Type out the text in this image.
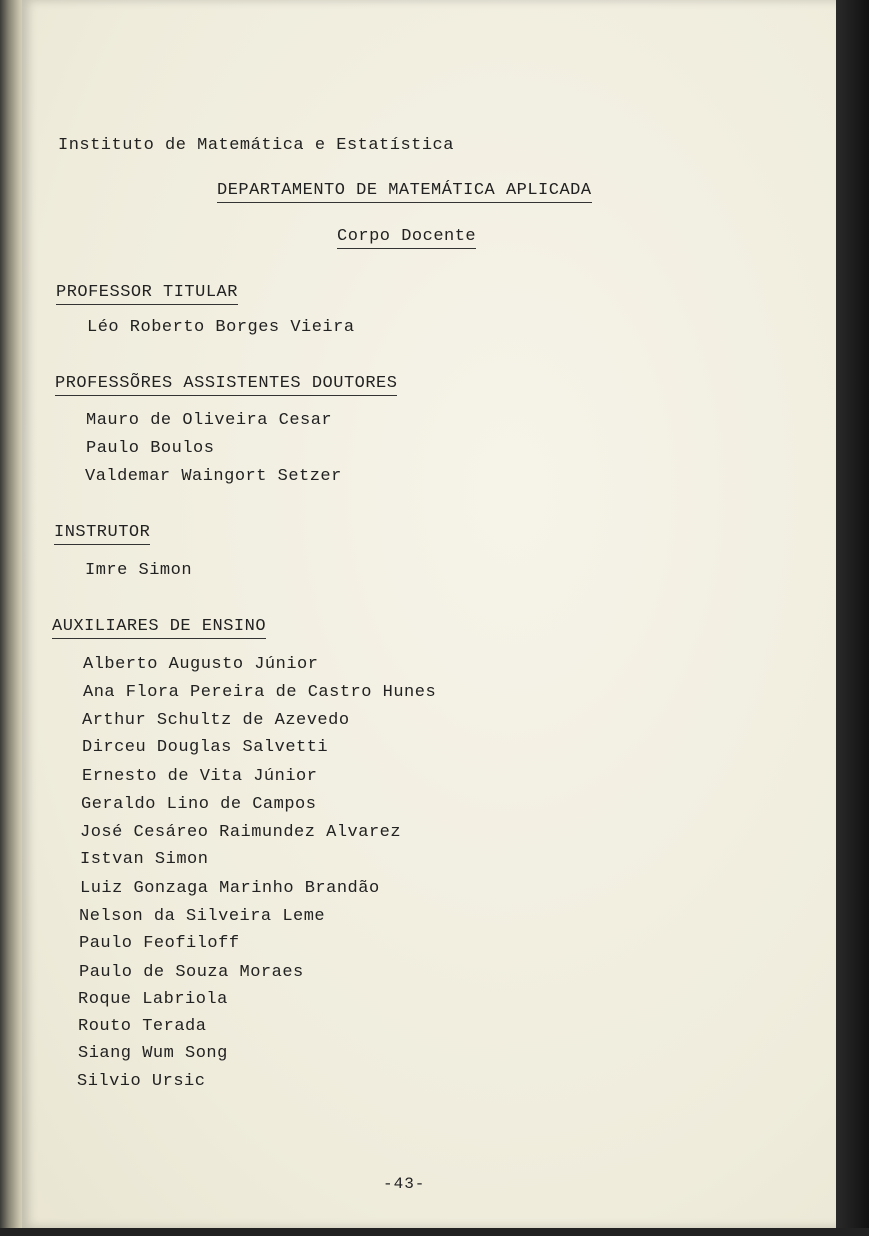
Instituto de Matemática e Estatística
DEPARTAMENTO DE MATEMÁTICA APLICADA
Corpo Docente
PROFESSOR TITULAR
Léo Roberto Borges Vieira
PROFESSÕRES ASSISTENTES DOUTORES
Mauro de Oliveira Cesar
Paulo Boulos
Valdemar Waingort Setzer
INSTRUTOR
Imre Simon
AUXILIARES DE ENSINO
Alberto Augusto Júnior
Ana Flora Pereira de Castro Hunes
Arthur Schultz de Azevedo
Dirceu Douglas Salvetti
Ernesto de Vita Júnior
Geraldo Lino de Campos
José Cesáreo Raimundez Alvarez
Istvan Simon
Luiz Gonzaga Marinho Brandão
Nelson da Silveira Leme
Paulo Feofiloff
Paulo de Souza Moraes
Roque Labriola
Routo Terada
Siang Wum Song
Silvio Ursic
-43-
